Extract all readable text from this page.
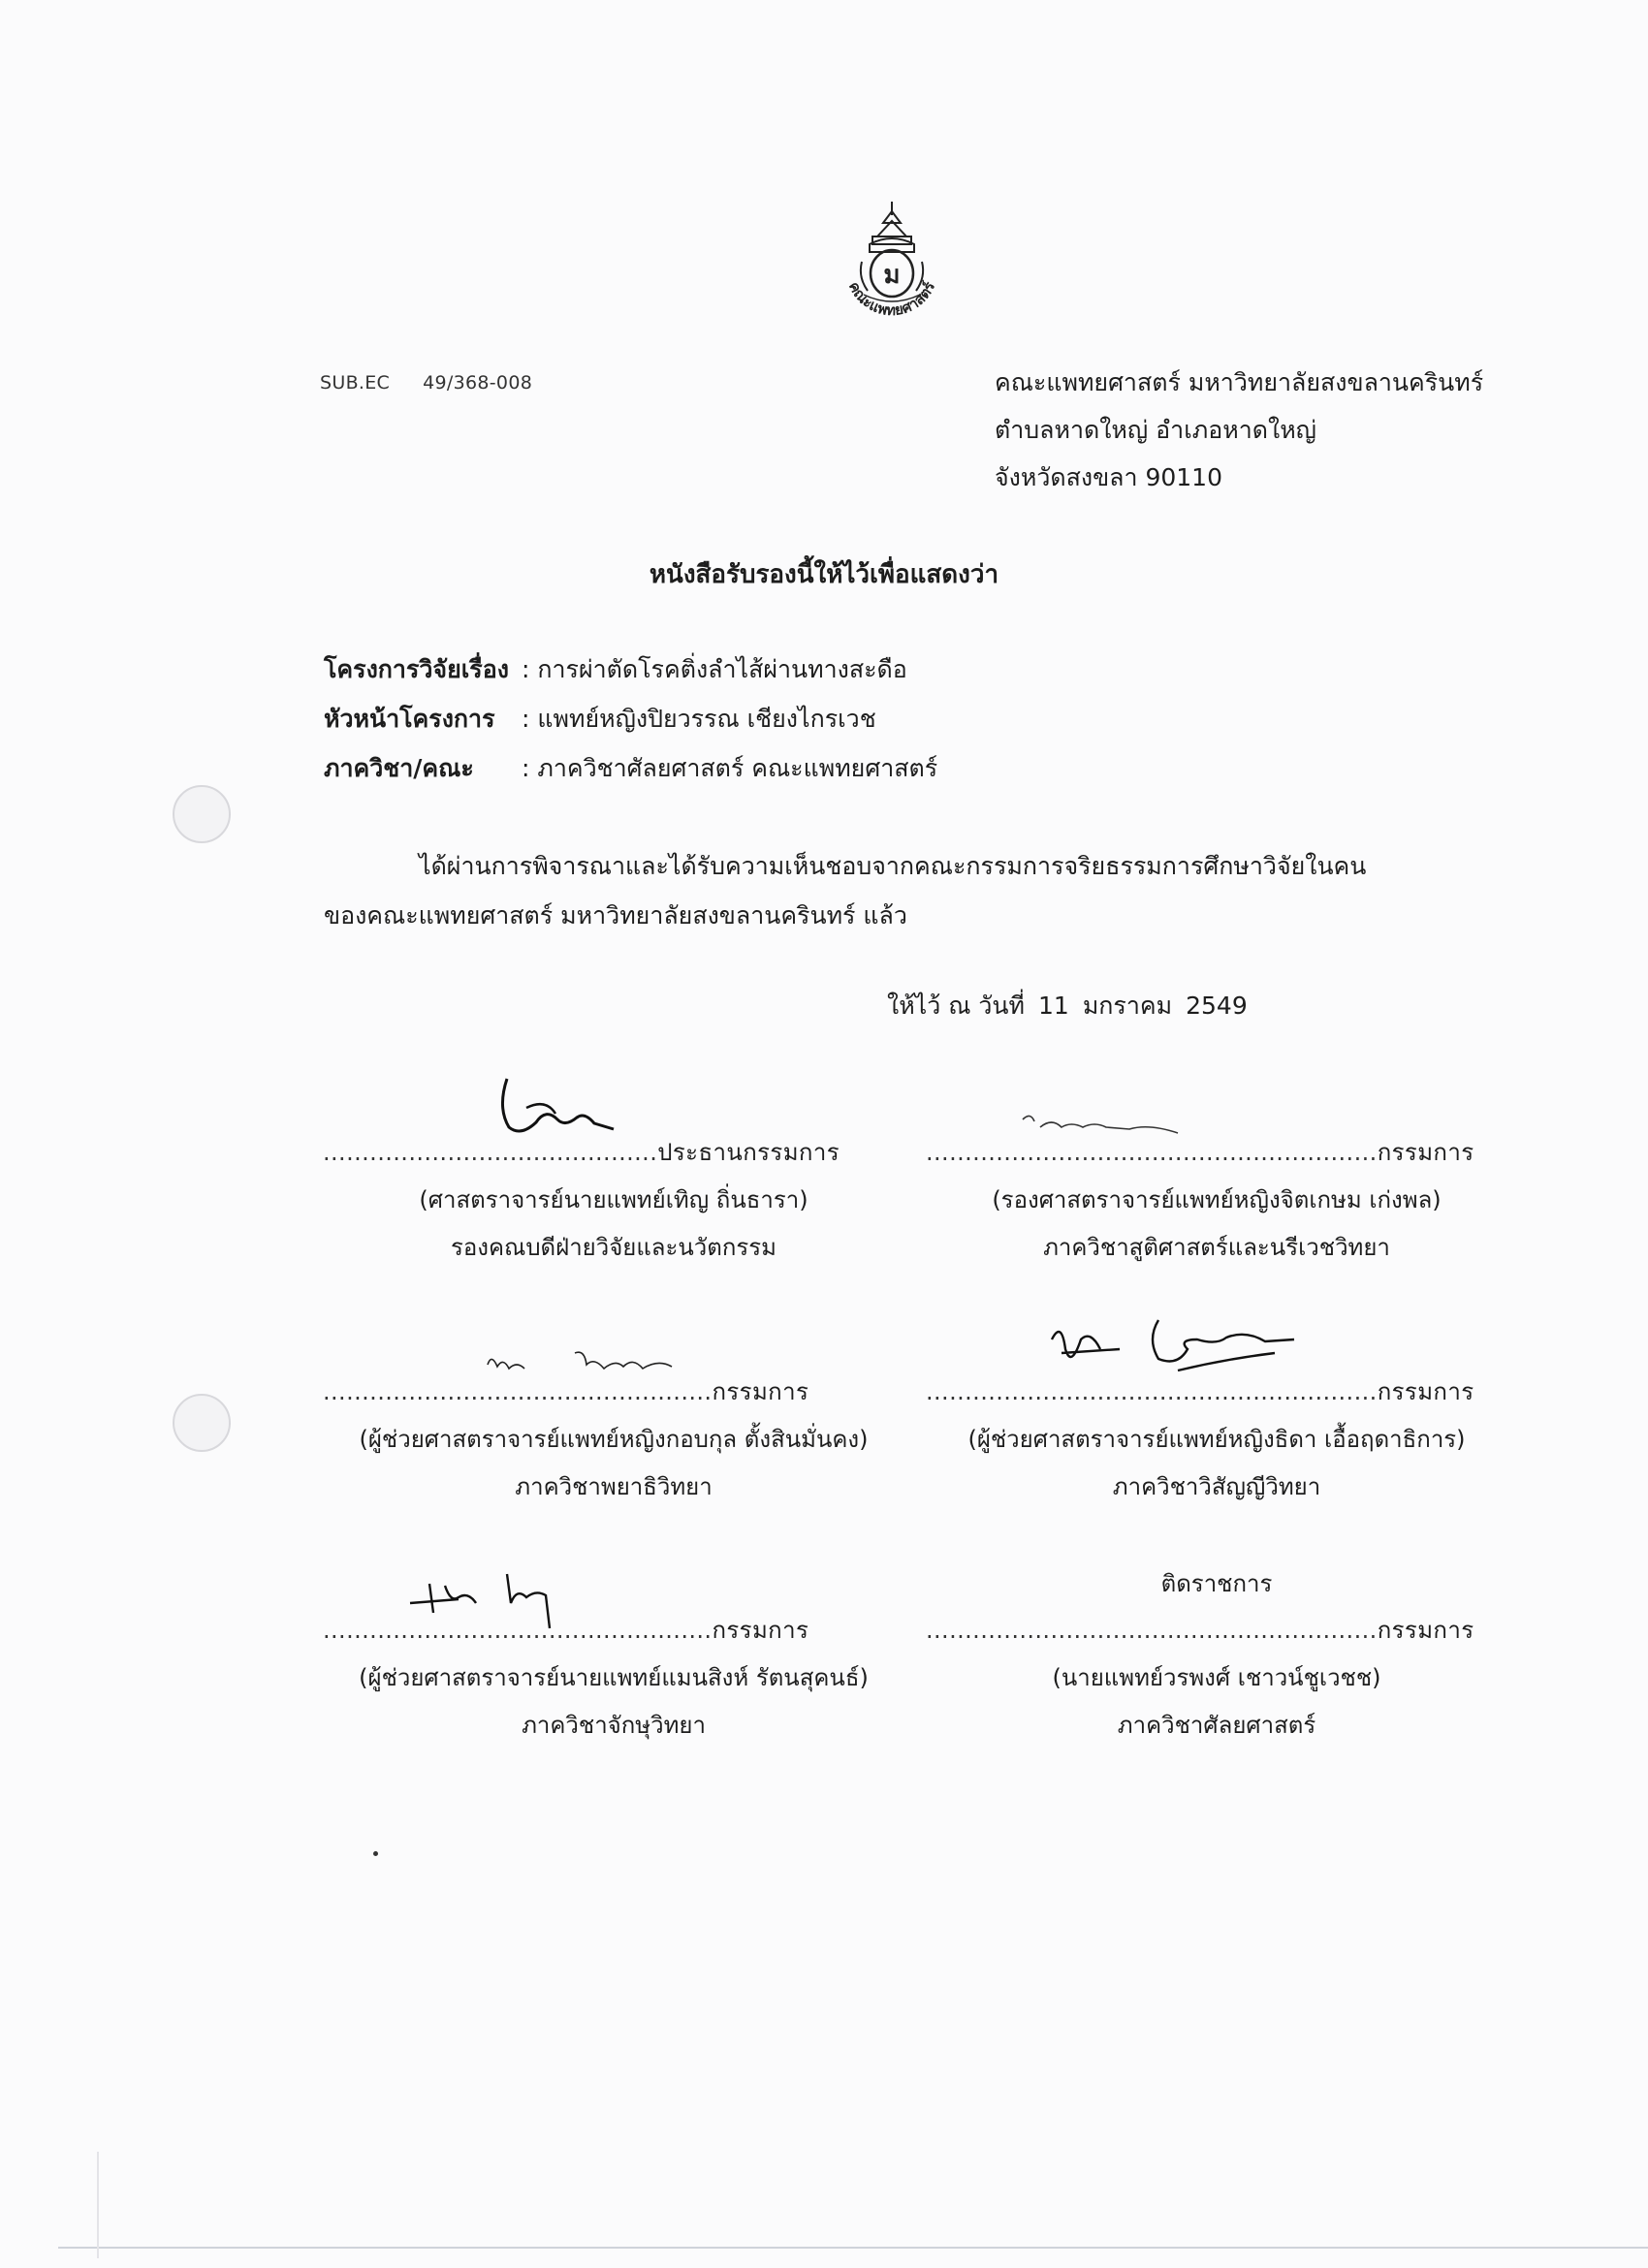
ม
คณะแพทยศาสตร์
SUB.EC 49/368-008	คณะแพทยศาสตร์ มหาวิทยาลัยสงขลานครินทร์
ตำบลหาดใหญ่ อำเภอหาดใหญ่
จังหวัดสงขลา 90110
หนังสือรับรองนี้ให้ไว้เพื่อแสดงว่า
โครงการวิจัยเรื่อง : การผ่าตัดโรคติ่งลำไส้ผ่านทางสะดือ
หัวหน้าโครงการ : แพทย์หญิงปิยวรรณ เชียงไกรเวช
ภาควิชา/คณะ : ภาควิชาศัลยศาสตร์ คณะแพทยศาสตร์
ได้ผ่านการพิจารณาและได้รับความเห็นชอบจากคณะกรรมการจริยธรรมการศึกษาวิจัยในคน
ของคณะแพทยศาสตร์ มหาวิทยาลัยสงขลานครินทร์ แล้ว
ให้ไว้ ณ วันที่ 11 มกราคม 2549
...........................................ประธานกรรมการ
(ศาสตราจารย์นายแพทย์เทิญ ถิ่นธารา)
รองคณบดีฝ่ายวิจัยและนวัตกรรม
..........................................................กรรมการ
(รองศาสตราจารย์แพทย์หญิงจิตเกษม เก่งพล)
ภาควิชาสูติศาสตร์และนรีเวชวิทยา
..................................................กรรมการ
(ผู้ช่วยศาสตราจารย์แพทย์หญิงกอบกุล ตั้งสินมั่นคง)
ภาควิชาพยาธิวิทยา
..........................................................กรรมการ
(ผู้ช่วยศาสตราจารย์แพทย์หญิงธิดา เอื้อฤดาธิการ)
ภาควิชาวิสัญญีวิทยา
..................................................กรรมการ
(ผู้ช่วยศาสตราจารย์นายแพทย์แมนสิงห์ รัตนสุคนธ์)
ภาควิชาจักษุวิทยา
ติดราชการ
..........................................................กรรมการ
(นายแพทย์วรพงศ์ เชาวน์ชูเวชช)
ภาควิชาศัลยศาสตร์
